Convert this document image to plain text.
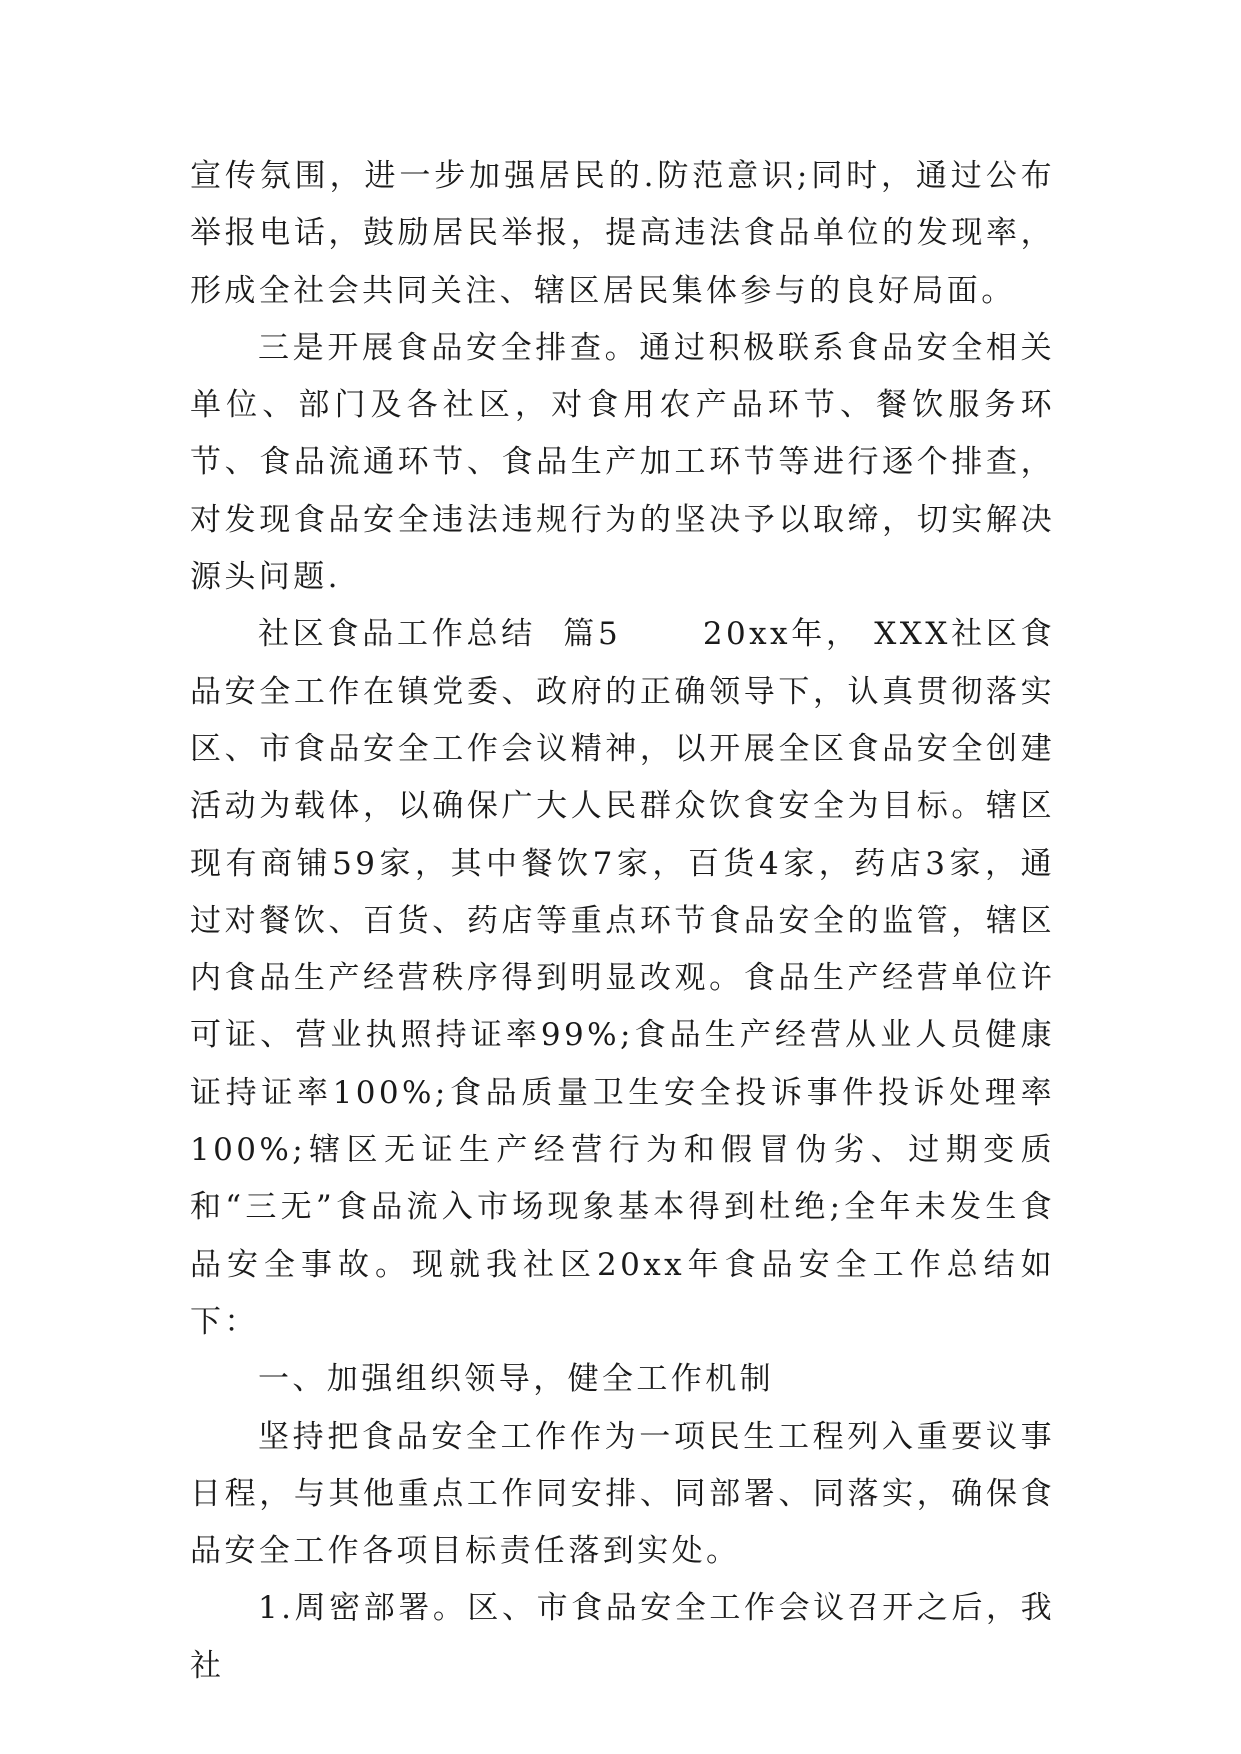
宣传氛围，进一步加强居民的.防范意识;同时，通过公布举报电话，鼓励居民举报，提高违法食品单位的发现率，形成全社会共同关注、辖区居民集体参与的良好局面。

三是开展食品安全排查。通过积极联系食品安全相关单位、部门及各社区，对食用农产品环节、餐饮服务环节、食品流通环节、食品生产加工环节等进行逐个排查，对发现食品安全违法违规行为的坚决予以取缔，切实解决源头问题.

社区食品工作总结  篇5      20xx年， XXX社区食品安全工作在镇党委、政府的正确领导下，认真贯彻落实区、市食品安全工作会议精神，以开展全区食品安全创建活动为载体，以确保广大人民群众饮食安全为目标。辖区现有商铺59家，其中餐饮7家，百货4家，药店3家，通过对餐饮、百货、药店等重点环节食品安全的监管，辖区内食品生产经营秩序得到明显改观。食品生产经营单位许可证、营业执照持证率99%;食品生产经营从业人员健康证持证率100%;食品质量卫生安全投诉事件投诉处理率100%;辖区无证生产经营行为和假冒伪劣、过期变质和“三无”食品流入市场现象基本得到杜绝;全年未发生食品安全事故。现就我社区20xx年食品安全工作总结如下：

一、加强组织领导，健全工作机制

坚持把食品安全工作作为一项民生工程列入重要议事日程，与其他重点工作同安排、同部署、同落实，确保食品安全工作各项目标责任落到实处。

1.周密部署。区、市食品安全工作会议召开之后，我社
